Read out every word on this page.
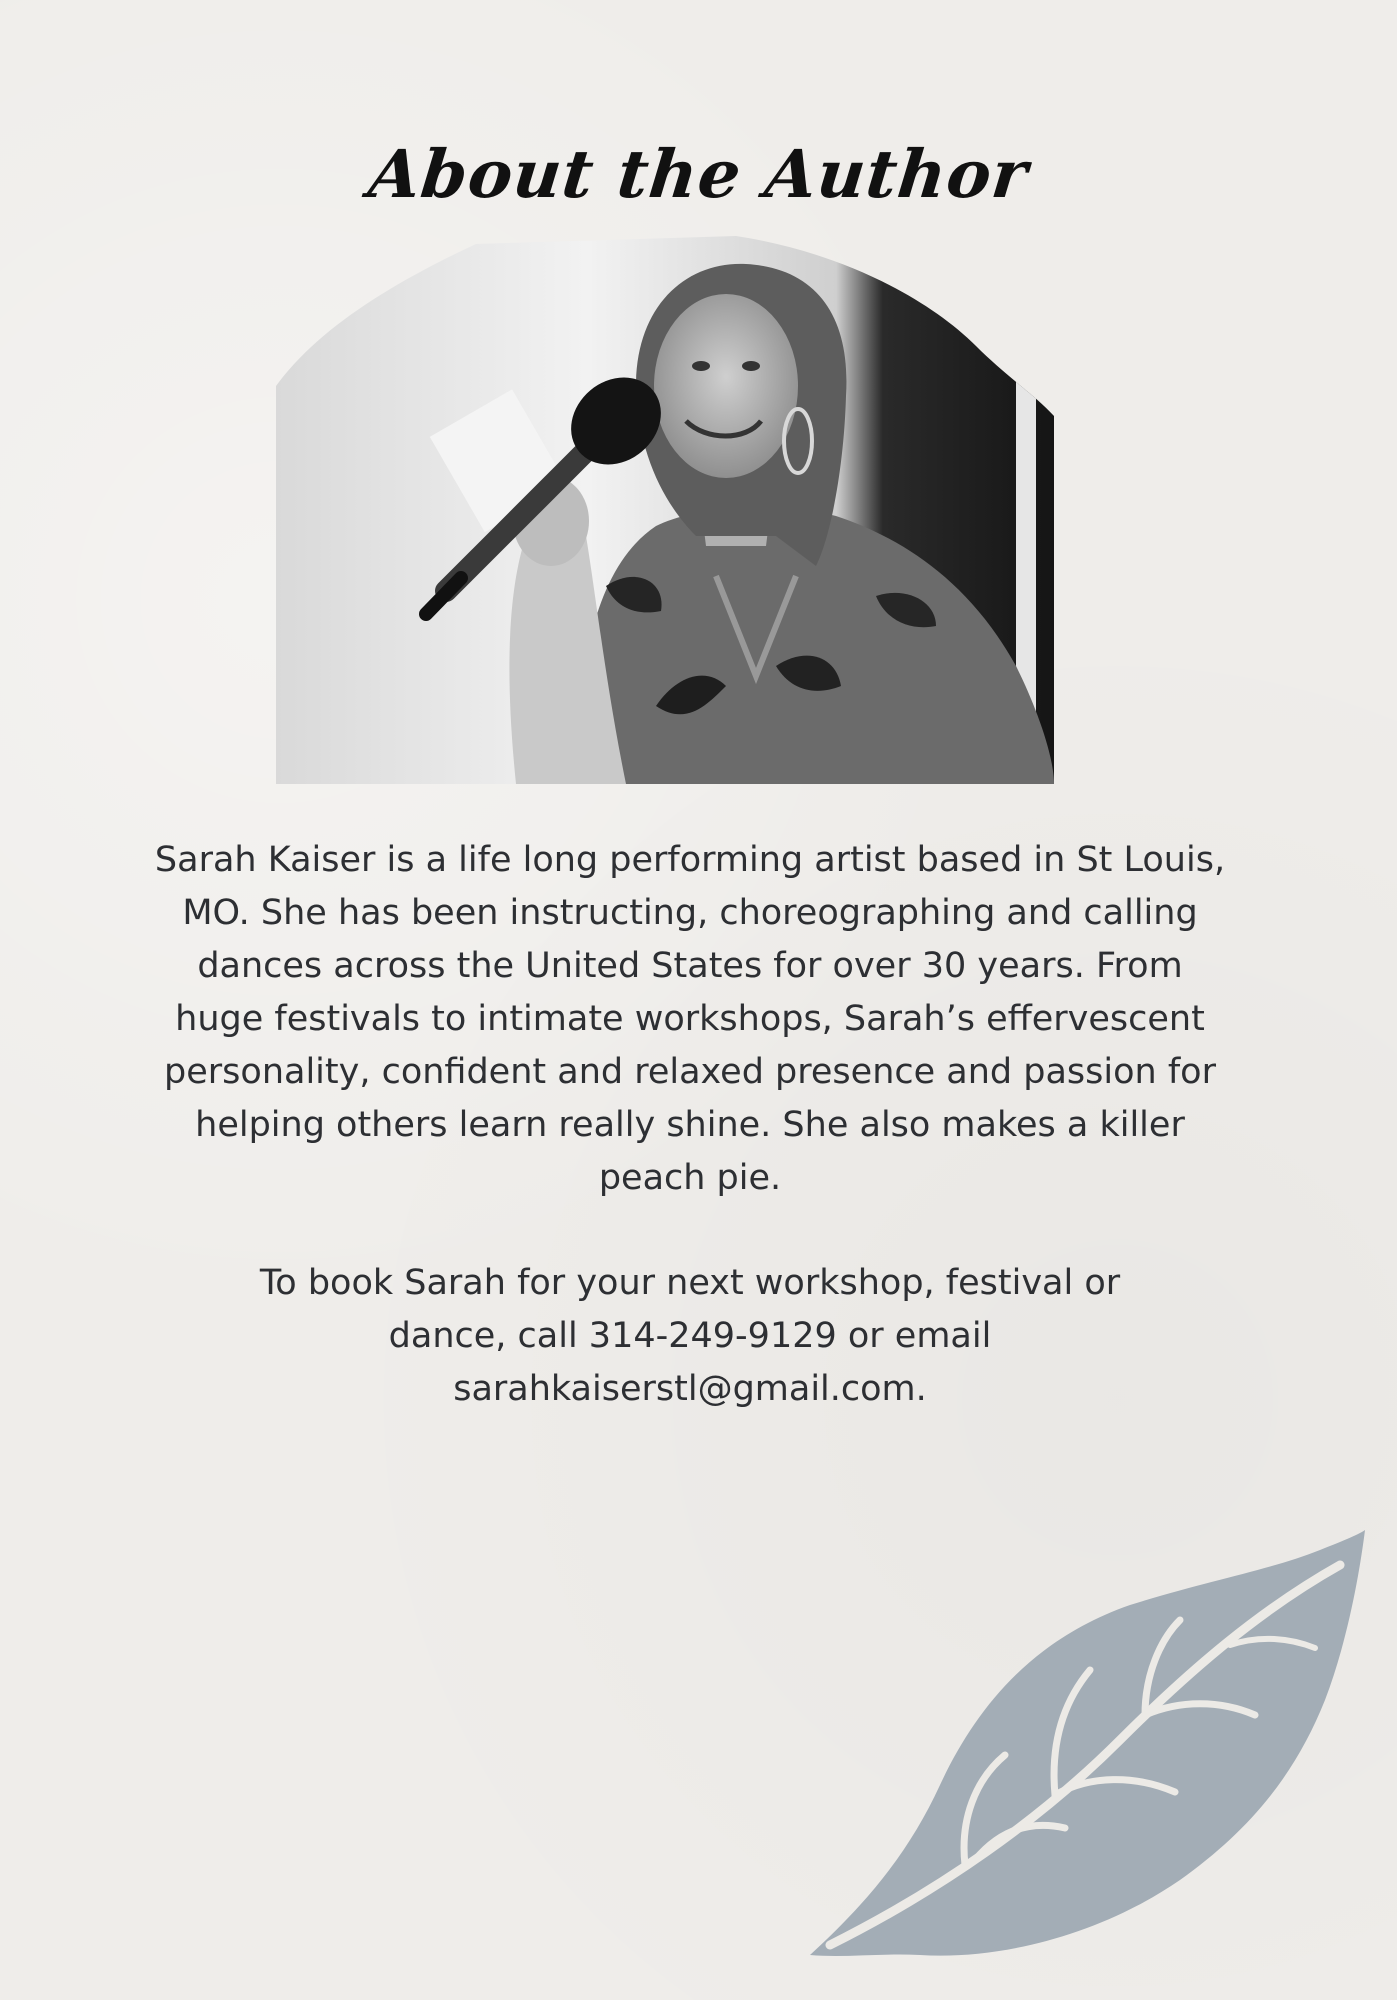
About the Author

Sarah Kaiser is a life long performing artist based in St Louis, MO. She has been instructing, choreographing and calling dances across the United States for over 30 years. From huge festivals to intimate workshops, Sarah’s effervescent personality, confident and relaxed presence and passion for helping others learn really shine. She also makes a killer peach pie.

To book Sarah for your next workshop, festival or
dance, call 314-249-9129 or email
sarahkaiserstl@gmail.com.
